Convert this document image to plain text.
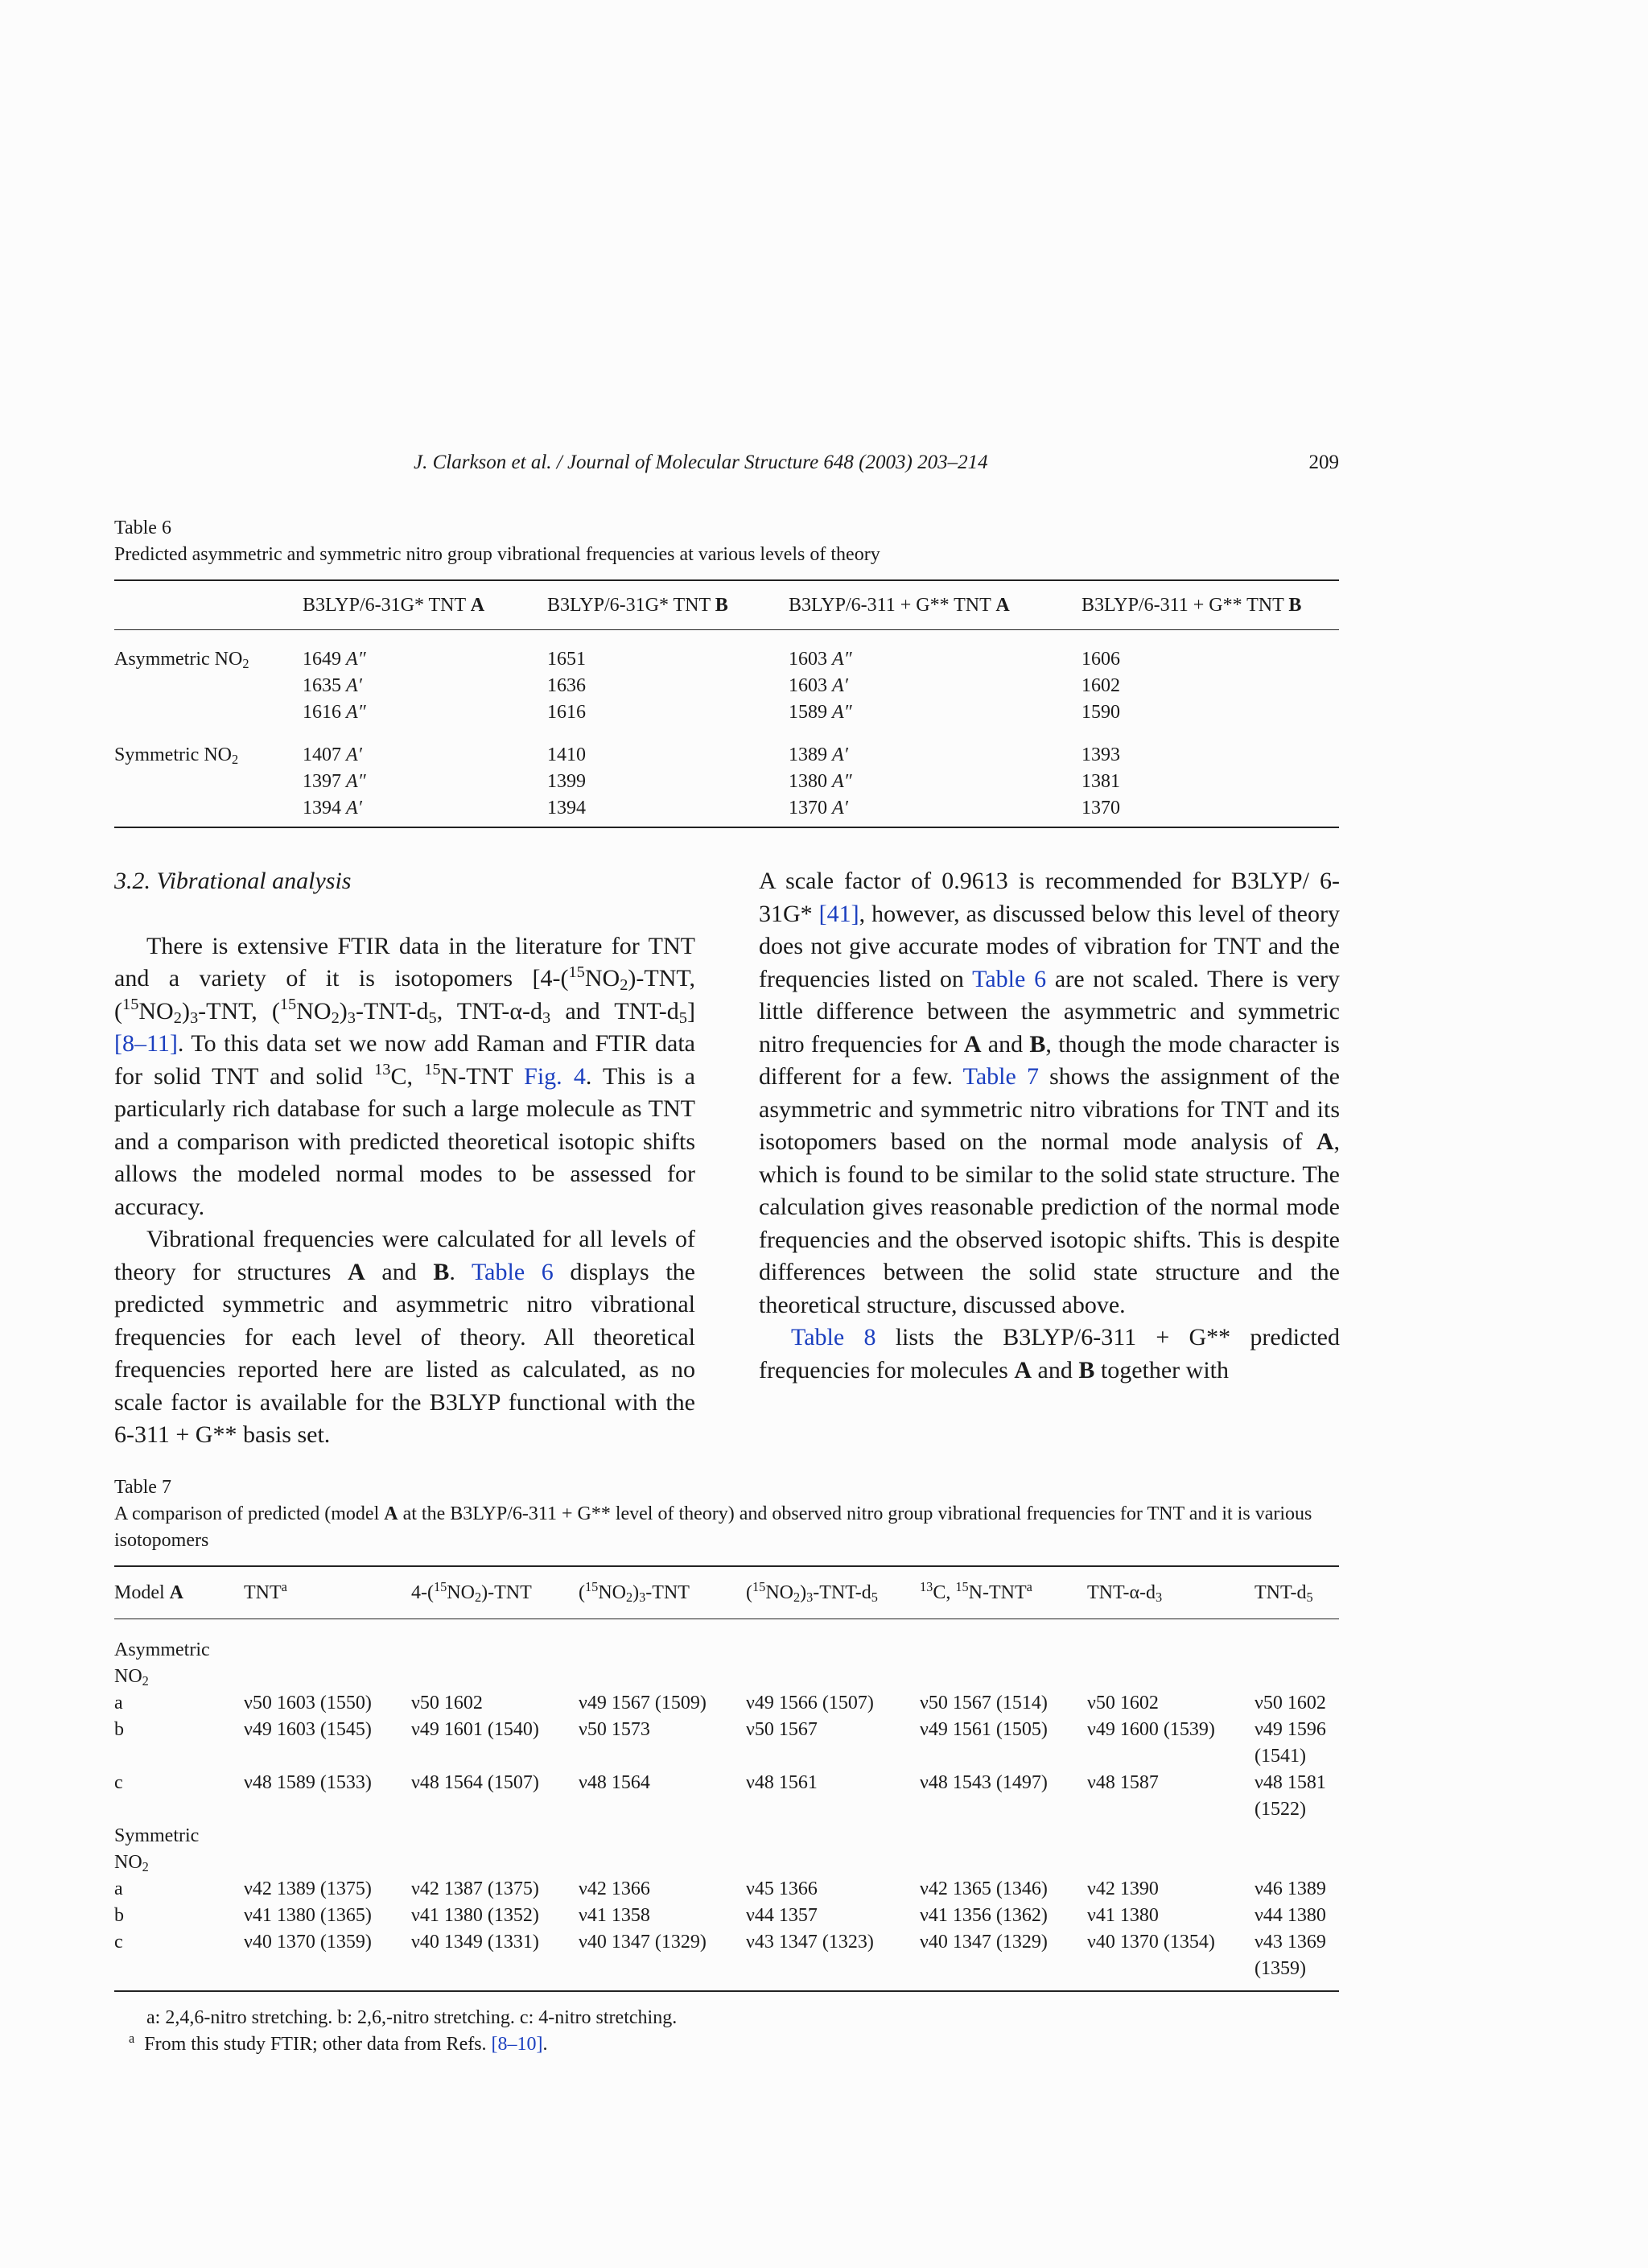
J. Clarkson et al. / Journal of Molecular Structure 648 (2003) 203–214	209
Table 6
Predicted asymmetric and symmetric nitro group vibrational frequencies at various levels of theory
	B3LYP/6-31G* TNT A	B3LYP/6-31G* TNT B	B3LYP/6-311 + G** TNT A	B3LYP/6-311 + G** TNT B

Asymmetric $NO_2$	1649 A″	1651	1603 A″	1606
	1635 A′	1636	1603 A′	1602
	1616 A″	1616	1589 A″	1590

Symmetric $NO_2$	1407 A′	1410	1389 A′	1393
	1397 A″	1399	1380 A″	1381
	1394 A′	1394	1370 A′	1370

3.2. Vibrational analysis

There is extensive FTIR data in the literature for TNT and a variety of it is isotopomers [$4-(^{15}NO_2)$-TNT, $(^{15}NO_2)_3$-TNT, $(^{15}NO_2)_3-TNT-d_5$, TNT-$\alpha-d_3$ and TNT-$d_5$] [8–11]. To this data set we now add Raman and FTIR data for solid TNT and solid $^{13}$C, $^{15}$N-TNT Fig. 4. This is a particularly rich database for such a large molecule as TNT and a comparison with predicted theoretical isotopic shifts allows the modeled normal modes to be assessed for accuracy.

Vibrational frequencies were calculated for all levels of theory for structures A and B. Table 6 displays the predicted symmetric and asymmetric nitro vibrational frequencies for each level of theory. All theoretical frequencies reported here are listed as calculated, as no scale factor is available for the B3LYP functional with the 6-311 + G** basis set.

A scale factor of 0.9613 is recommended for B3LYP/ 6-31G* [41], however, as discussed below this level of theory does not give accurate modes of vibration for TNT and the frequencies listed on Table 6 are not scaled. There is very little difference between the asymmetric and symmetric nitro frequencies for A and B, though the mode character is different for a few. Table 7 shows the assignment of the asymmetric and symmetric nitro vibrations for TNT and its isotopomers based on the normal mode analysis of A, which is found to be similar to the solid state structure. The calculation gives reasonable prediction of the normal mode frequencies and the observed isotopic shifts. This is despite differences between the solid state structure and the theoretical structure, discussed above.

Table 8 lists the B3LYP/6-311 + G** predicted frequencies for molecules A and B together with

Table 7
A comparison of predicted (model A at the B3LYP/6-311 + G** level of theory) and observed nitro group vibrational frequencies for TNT and it is various isotopomers
Model A	TNT$^a$	$4-(^{15}NO_2)$-TNT	$(^{15}NO_2)_3$-TNT	$(^{15}NO_2)_3-TNT-d_5$	$^{13}$C, $^{15}$N-TNT$^a$	TNT-$\alpha-d_3$	TNT-$d_5$

Asymmetric							
$NO_2$
a	ν50 1603 (1550)	ν50 1602	ν49 1567 (1509)	ν49 1566 (1507)	ν50 1567 (1514)	ν50 1602	ν50 1602
b	ν49 1603 (1545)	ν49 1601 (1540)	ν50 1573	ν50 1567	ν49 1561 (1505)	ν49 1600 (1539)	ν49 1596 (1541)
c	ν48 1589 (1533)	ν48 1564 (1507)	ν48 1564	ν48 1561	ν48 1543 (1497)	ν48 1587	ν48 1581 (1522)
Symmetric							
$NO_2$
a	ν42 1389 (1375)	ν42 1387 (1375)	ν42 1366	ν45 1366	ν42 1365 (1346)	ν42 1390	ν46 1389
b	ν41 1380 (1365)	ν41 1380 (1352)	ν41 1358	ν44 1357	ν41 1356 (1362)	ν41 1380	ν44 1380
c	ν40 1370 (1359)	ν40 1349 (1331)	ν40 1347 (1329)	ν43 1347 (1323)	ν40 1347 (1329)	ν40 1370 (1354)	ν43 1369 (1359)

a: 2,4,6-nitro stretching. b: 2,6,-nitro stretching. c: 4-nitro stretching.
$^a$ From this study FTIR; other data from Refs. [8–10].
